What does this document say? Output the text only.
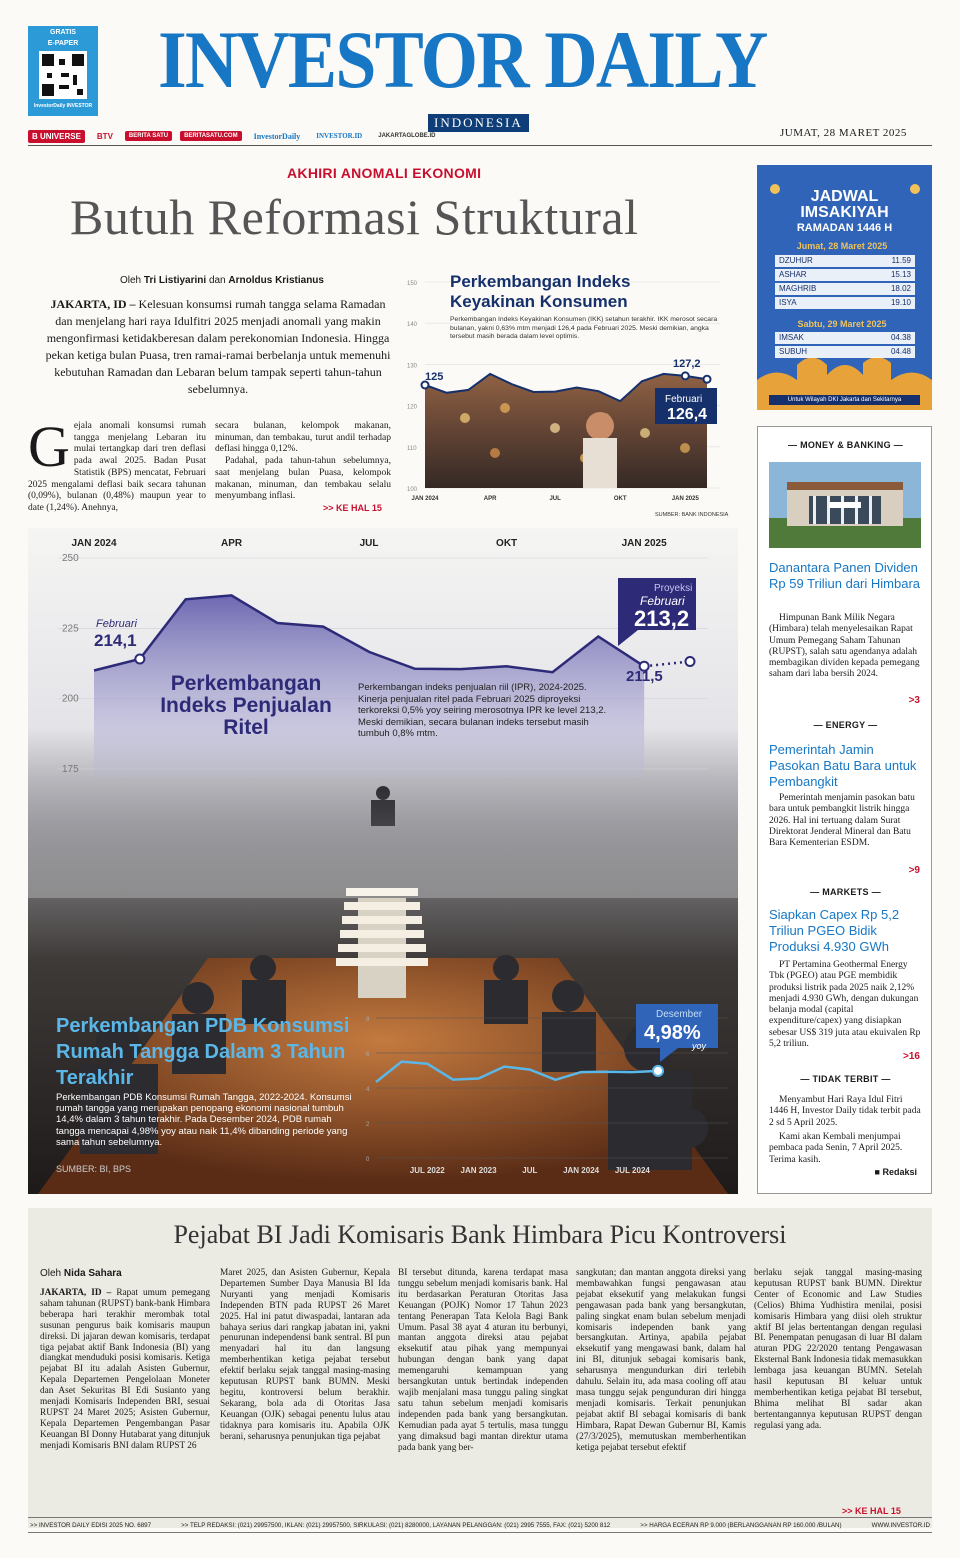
GRATIS
E-PAPER
InvestorDaily INVESTOR
INVESTOR DAILY
INDONESIA
B UNIVERSE	BTV	BERITA SATU	BERITASATU.COM	InvestorDaily	INVESTOR.ID	JAKARTAGLOBE.ID	JUMAT, 28 MARET 2025
AKHIRI ANOMALI EKONOMI
Butuh Reformasi Struktural
Oleh Tri Listiyarini dan Arnoldus Kristianus
JAKARTA, ID – Kelesuan konsumsi rumah tangga selama Ramadan dan menjelang hari raya Idulfitri 2025 menjadi anomali yang makin mengonfirmasi ketidakberesan dalam perekonomian Indonesia. Hingga pekan ketiga bulan Puasa, tren ramai-ramai berbelanja untuk memenuhi kebutuhan Ramadan dan Lebaran belum tampak seperti tahun-tahun sebelumnya.
G ejala anomali konsumsi rumah tangga menjelang Lebaran itu mulai tertangkap dari tren deflasi pada awal 2025. Badan Pusat Statistik (BPS) mencatat, Februari 2025 mengalami deflasi baik secara tahunan (0,09%), bulanan (0,48%) maupun year to date (1,24%). Anehnya,

secara bulanan, kelompok makanan, minuman, dan tembakau, turut andil terhadap deflasi hingga 0,12%.

Padahal, pada tahun-tahun sebelumnya, saat menjelang bulan Puasa, kelompok makanan, minuman, dan tembakau selalu menyumbang inflasi.

>> KE HAL 15
100
110
120
130
140
150
JAN 2024	APR	JUL	OKT	JAN 2025
125
127,2
Februari
126,4
Perkembangan Indeks Keyakinan Konsumen
Perkembangan Indeks Keyakinan Konsumen (IKK) setahun terakhir. IKK merosot secara bulanan, yakni 0,63% mtm menjadi 126,4 pada Februari 2025. Meski demikian, angka tersebut masih berada dalam level optimis.
SUMBER: BANK INDONESIA
JADWAL
IMSAKIYAH
RAMADAN 1446 H
Jumat, 28 Maret 2025
DZUHUR	11.59
ASHAR	15.13
MAGHRIB	18.02
ISYA	19.10
Sabtu, 29 Maret 2025
IMSAK	04.38
SUBUH	04.48
Untuk Wilayah DKI Jakarta dan Sekitarnya
— MONEY & BANKING —
Danantara Panen Dividen Rp 59 Triliun dari Himbara
Himpunan Bank Milik Negara (Himbara) telah menyelesaikan Rapat Umum Pemegang Saham Tahunan (RUPST), salah satu agendanya adalah membagikan dividen kepada pemegang saham dari laba bersih 2024.
>3
— ENERGY —
Pemerintah Jamin Pasokan Batu Bara untuk Pembangkit
Pemerintah menjamin pasokan batu bara untuk pembangkit listrik hingga 2026. Hal ini tertuang dalam Surat Direktorat Jenderal Mineral dan Batu Bara Kementerian ESDM.
>9
— MARKETS —
Siapkan Capex Rp 5,2 Triliun PGEO Bidik Produksi 4.930 GWh
PT Pertamina Geothermal Energy Tbk (PGEO) atau PGE membidik produksi listrik pada 2025 naik 2,12% menjadi 4.930 GWh, dengan dukungan belanja modal (capital expenditure/capex) yang disiapkan sebesar US$ 319 juta atau ekuivalen Rp 5,2 triliun.
>16
— TIDAK TERBIT —
Menyambut Hari Raya Idul Fitri 1446 H, Investor Daily tidak terbit pada 2 sd 5 April 2025.
Kami akan Kembali menjumpai pembaca pada Senin, 7 April 2025. Terima kasih.
■ Redaksi
175
200
225
250
JAN 2024	APR	JUL	OKT	JAN 2025
Februari
214,1
Proyeksi
Februari
213,2
211,5
0
2
4
6
8
JUL 2022 JAN 2023	JUL	JAN 2024 JUL 2024
Desember
4,98%
yoy
Perkembangan Indeks Penjualan Ritel
Perkembangan indeks penjualan riil (IPR), 2024-2025. Kinerja penjualan ritel pada Februari 2025 diproyeksi terkoreksi 0,5% yoy seiring merosotnya IPR ke level 213,2. Meski demikian, secara bulanan indeks tersebut masih tumbuh 0,8% mtm.
Perkembangan PDB Konsumsi Rumah Tangga Dalam 3 Tahun Terakhir
Perkembangan PDB Konsumsi Rumah Tangga, 2022-2024. Konsumsi rumah tangga yang merupakan penopang ekonomi nasional tumbuh 14,4% dalam 3 tahun terakhir. Pada Desember 2024, PDB rumah tangga mencapai 4,98% yoy atau naik 11,4% dibanding periode yang sama tahun sebelumnya.
SUMBER: BI, BPS
Pejabat BI Jadi Komisaris Bank Himbara Picu Kontroversi
Oleh Nida Sahara
JAKARTA, ID – Rapat umum pemegang saham tahunan (RUPST) bank-bank Himbara beberapa hari terakhir merombak total susunan pengurus baik komisaris maupun direksi. Di jajaran dewan komisaris, terdapat tiga pejabat aktif Bank Indonesia (BI) yang diangkat menduduki posisi komisaris. Ketiga pejabat BI itu adalah Asisten Gubernur, Kepala Departemen Pengelolaan Moneter dan Aset Sekuritas BI Edi Susianto yang menjadi Komisaris Independen BRI, sesuai RUPST 24 Maret 2025; Asisten Gubernur, Kepala Departemen Pengembangan Pasar Keuangan BI Donny Hutabarat yang ditunjuk menjadi Komisaris BNI dalam RUPST 26
Maret 2025, dan Asisten Gubernur, Kepala Departemen Sumber Daya Manusia BI Ida Nuryanti yang menjadi Komisaris Independen BTN pada RUPST 26 Maret 2025. Hal ini patut diwaspadai, lantaran ada bahaya serius dari rangkap jabatan ini, yakni penurunan independensi bank sentral. BI pun menyadari hal itu dan langsung memberhentikan ketiga pejabat tersebut efektif berlaku sejak tanggal masing-masing keputusan RUPST bank BUMN. Meski begitu, kontroversi belum berakhir. Sekarang, bola ada di Otoritas Jasa Keuangan (OJK) sebagai penentu lulus atau tidaknya para komisaris itu. Apabila OJK berani, seharusnya penunjukan tiga pejabat
BI tersebut ditunda, karena terdapat masa tunggu sebelum menjadi komisaris bank. Hal itu berdasarkan Peraturan Otoritas Jasa Keuangan (POJK) Nomor 17 Tahun 2023 tentang Penerapan Tata Kelola Bagi Bank Umum. Pasal 38 ayat 4 aturan itu berbunyi, mantan anggota direksi atau pejabat eksekutif atau pihak yang mempunyai hubungan dengan bank yang dapat memengaruhi kemampuan yang bersangkutan untuk bertindak independen wajib menjalani masa tunggu paling singkat satu tahun sebelum menjadi komisaris independen pada bank yang bersangkutan. Kemudian pada ayat 5 tertulis, masa tunggu yang dimaksud bagi mantan direktur utama pada bank yang ber-
sangkutan; dan mantan anggota direksi yang membawahkan fungsi pengawasan atau pejabat eksekutif yang melakukan fungsi pengawasan pada bank yang bersangkutan, paling singkat enam bulan sebelum menjadi komisaris independen bank yang bersangkutan. Artinya, apabila pejabat eksekutif yang mengawasi bank, dalam hal ini BI, ditunjuk sebagai komisaris bank, seharusnya mengundurkan diri terlebih dahulu. Selain itu, ada masa cooling off atau masa tunggu sejak pengunduran diri hingga menjadi komisaris. Terkait penunjukan pejabat aktif BI sebagai komisaris di bank Himbara, Rapat Dewan Gubernur BI, Kamis (27/3/2025), memutuskan memberhentikan ketiga pejabat tersebut efektif
berlaku sejak tanggal masing-masing keputusan RUPST bank BUMN. Direktur Center of Economic and Law Studies (Celios) Bhima Yudhistira menilai, posisi komisaris Himbara yang diisi oleh struktur aktif BI jelas bertentangan dengan regulasi BI. Penempatan penugasan di luar BI dalam aturan PDG 22/2020 tentang Pengawasan Eksternal Bank Indonesia tidak memasukkan lembaga jasa keuangan BUMN. Setelah hasil keputusan BI keluar untuk memberhentikan ketiga pejabat BI tersebut, Bhima melihat BI sadar akan bertentangannya keputusan RUPST dengan regulasi yang ada.
>> KE HAL 15
>> INVESTOR DAILY EDISI 2025 NO. 6897	>> TELP REDAKSI: (021) 29957500, IKLAN: (021) 29957500, SIRKULASI: (021) 8280000, LAYANAN PELANGGAN: (021) 2995 7555, FAX: (021) 5200 812	>> HARGA ECERAN RP 9.000 (BERLANGGANAN RP 160.000 /BULAN)	WWW.INVESTOR.ID
